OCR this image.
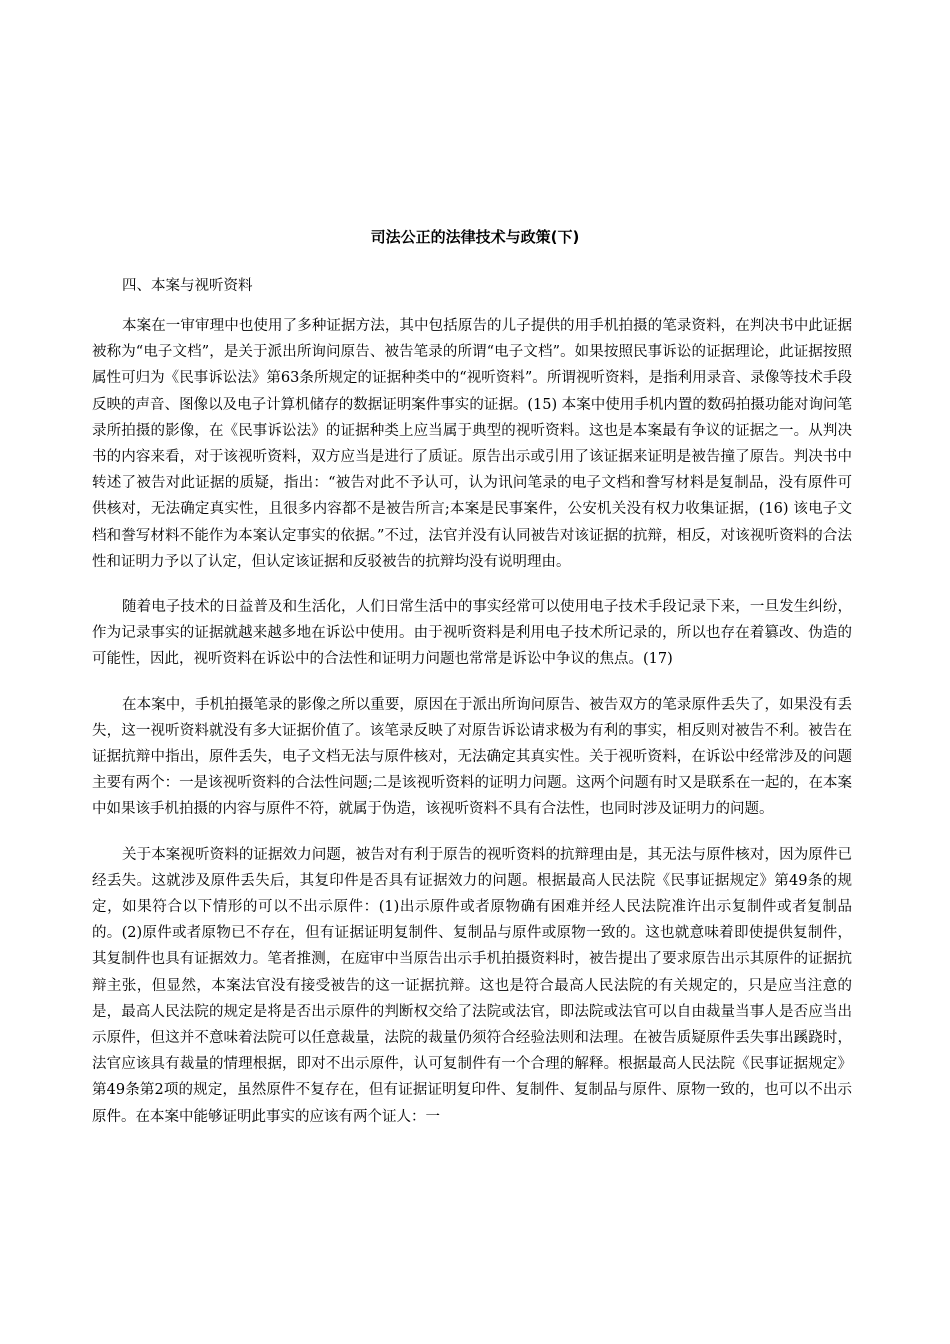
司法公正的法律技术与政策(下)

四、本案与视听资料

本案在一审审理中也使用了多种证据方法，其中包括原告的儿子提供的用手机拍摄的笔录资料，在判决书中此证据被称为“电子文档”，是关于派出所询问原告、被告笔录的所谓“电子文档”。如果按照民事诉讼的证据理论，此证据按照属性可归为《民事诉讼法》第63条所规定的证据种类中的“视听资料”。所谓视听资料，是指利用录音、录像等技术手段反映的声音、图像以及电子计算机储存的数据证明案件事实的证据。(15) 本案中使用手机内置的数码拍摄功能对询问笔录所拍摄的影像，在《民事诉讼法》的证据种类上应当属于典型的视听资料。这也是本案最有争议的证据之一。从判决书的内容来看，对于该视听资料，双方应当是进行了质证。原告出示或引用了该证据来证明是被告撞了原告。判决书中转述了被告对此证据的质疑，指出：“被告对此不予认可，认为讯问笔录的电子文档和誊写材料是复制品，没有原件可供核对，无法确定真实性，且很多内容都不是被告所言;本案是民事案件，公安机关没有权力收集证据，(16) 该电子文档和誊写材料不能作为本案认定事实的依据。”不过，法官并没有认同被告对该证据的抗辩，相反，对该视听资料的合法性和证明力予以了认定，但认定该证据和反驳被告的抗辩均没有说明理由。

随着电子技术的日益普及和生活化，人们日常生活中的事实经常可以使用电子技术手段记录下来，一旦发生纠纷，作为记录事实的证据就越来越多地在诉讼中使用。由于视听资料是利用电子技术所记录的，所以也存在着篡改、伪造的可能性，因此，视听资料在诉讼中的合法性和证明力问题也常常是诉讼中争议的焦点。(17)

在本案中，手机拍摄笔录的影像之所以重要，原因在于派出所询问原告、被告双方的笔录原件丢失了，如果没有丢失，这一视听资料就没有多大证据价值了。该笔录反映了对原告诉讼请求极为有利的事实，相反则对被告不利。被告在证据抗辩中指出，原件丢失，电子文档无法与原件核对，无法确定其真实性。关于视听资料，在诉讼中经常涉及的问题主要有两个：一是该视听资料的合法性问题;二是该视听资料的证明力问题。这两个问题有时又是联系在一起的，在本案中如果该手机拍摄的内容与原件不符，就属于伪造，该视听资料不具有合法性，也同时涉及证明力的问题。

关于本案视听资料的证据效力问题，被告对有利于原告的视听资料的抗辩理由是，其无法与原件核对，因为原件已经丢失。这就涉及原件丢失后，其复印件是否具有证据效力的问题。根据最高人民法院《民事证据规定》第49条的规定，如果符合以下情形的可以不出示原件：(1)出示原件或者原物确有困难并经人民法院准许出示复制件或者复制品的。(2)原件或者原物已不存在，但有证据证明复制件、复制品与原件或原物一致的。这也就意味着即使提供复制件，其复制件也具有证据效力。笔者推测，在庭审中当原告出示手机拍摄资料时，被告提出了要求原告出示其原件的证据抗辩主张，但显然，本案法官没有接受被告的这一证据抗辩。这也是符合最高人民法院的有关规定的，只是应当注意的是，最高人民法院的规定是将是否出示原件的判断权交给了法院或法官，即法院或法官可以自由裁量当事人是否应当出示原件，但这并不意味着法院可以任意裁量，法院的裁量仍须符合经验法则和法理。在被告质疑原件丢失事出蹊跷时，法官应该具有裁量的情理根据，即对不出示原件，认可复制件有一个合理的解释。根据最高人民法院《民事证据规定》第49条第2项的规定，虽然原件不复存在，但有证据证明复印件、复制件、复制品与原件、原物一致的，也可以不出示原件。在本案中能够证明此事实的应该有两个证人：一
